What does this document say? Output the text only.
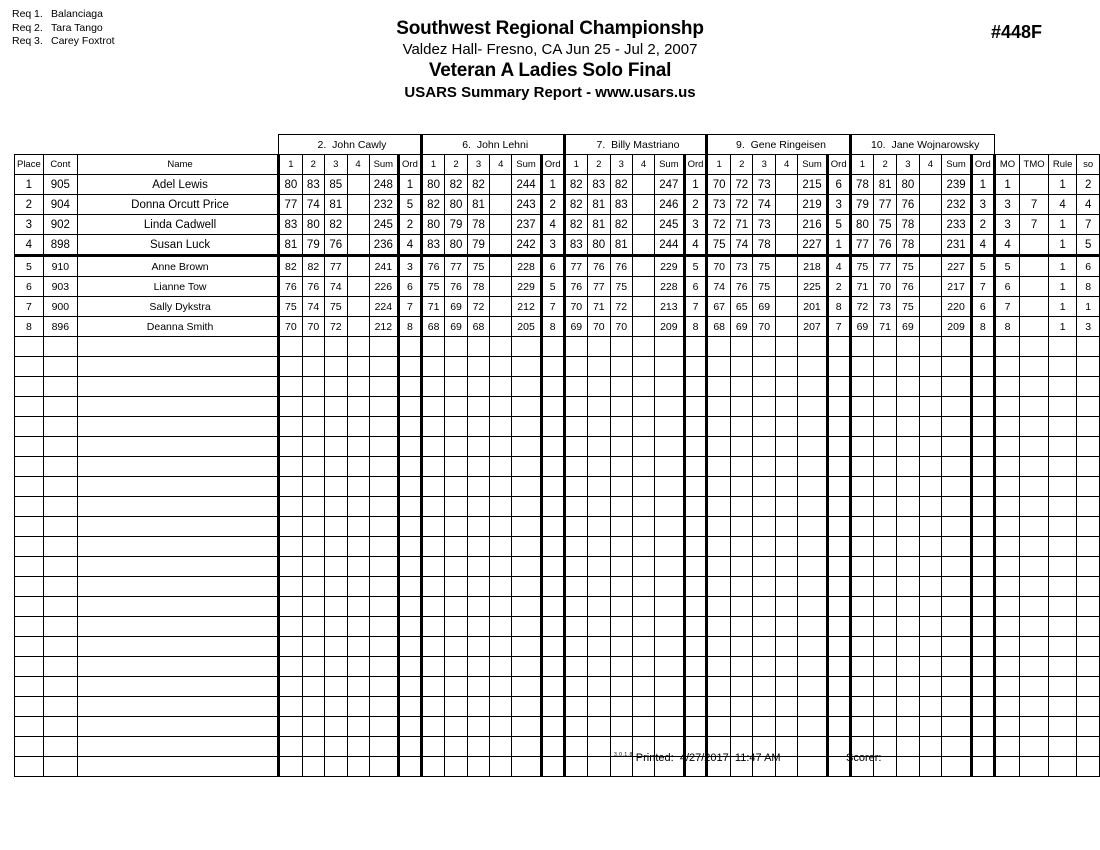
Req 1. Balanciaga
Req 2. Tara Tango
Req 3. Carey Foxtrot
Southwest Regional Championshp
Valdez Hall- Fresno, CA Jun 25 - Jul 2, 2007
Veteran A Ladies Solo Final
USARS Summary Report - www.usars.us
#448F
			2. John Cawly						6. John Lehni						7. Billy Mastriano						9. Gene Ringeisen						10. Jane Wojnarowsky									
Place	Cont	Name	1	2	3	4	Sum	Ord	1	2	3	4	Sum	Ord	1	2	3	4	Sum	Ord	1	2	3	4	Sum	Ord	1	2	3	4	Sum	Ord	MO	TMO	Rule	so
1	905	Adel Lewis	80	83	85		248	1	80	82	82		244	1	82	83	82		247	1	70	72	73		215	6	78	81	80		239	1	1		1	2
2	904	Donna Orcutt Price	77	74	81		232	5	82	80	81		243	2	82	81	83		246	2	73	72	74		219	3	79	77	76		232	3	3	7	4	4
3	902	Linda Cadwell	83	80	82		245	2	80	79	78		237	4	82	81	82		245	3	72	71	73		216	5	80	75	78		233	2	3	7	1	7
4	898	Susan Luck	81	79	76		236	4	83	80	79		242	3	83	80	81		244	4	75	74	78		227	1	77	76	78		231	4	4		1	5
5	910	Anne Brown	82	82	77		241	3	76	77	75		228	6	77	76	76		229	5	70	73	75		218	4	75	77	75		227	5	5		1	6
6	903	Lianne Tow	76	76	74		226	6	75	76	78		229	5	76	77	75		228	6	74	76	75		225	2	71	70	76		217	7	6		1	8
7	900	Sally Dykstra	75	74	75		224	7	71	69	72		212	7	70	71	72		213	7	67	65	69		201	8	72	73	75		220	6	7		1	1
8	896	Deanna Smith	70	70	72		212	8	68	69	68		205	8	69	70	70		209	8	68	69	70		207	7	69	71	69		209	8	8		1	3

$^{3.0.1.8}$ Printed: 4/27/2017 11:47 AM	Scorer:
